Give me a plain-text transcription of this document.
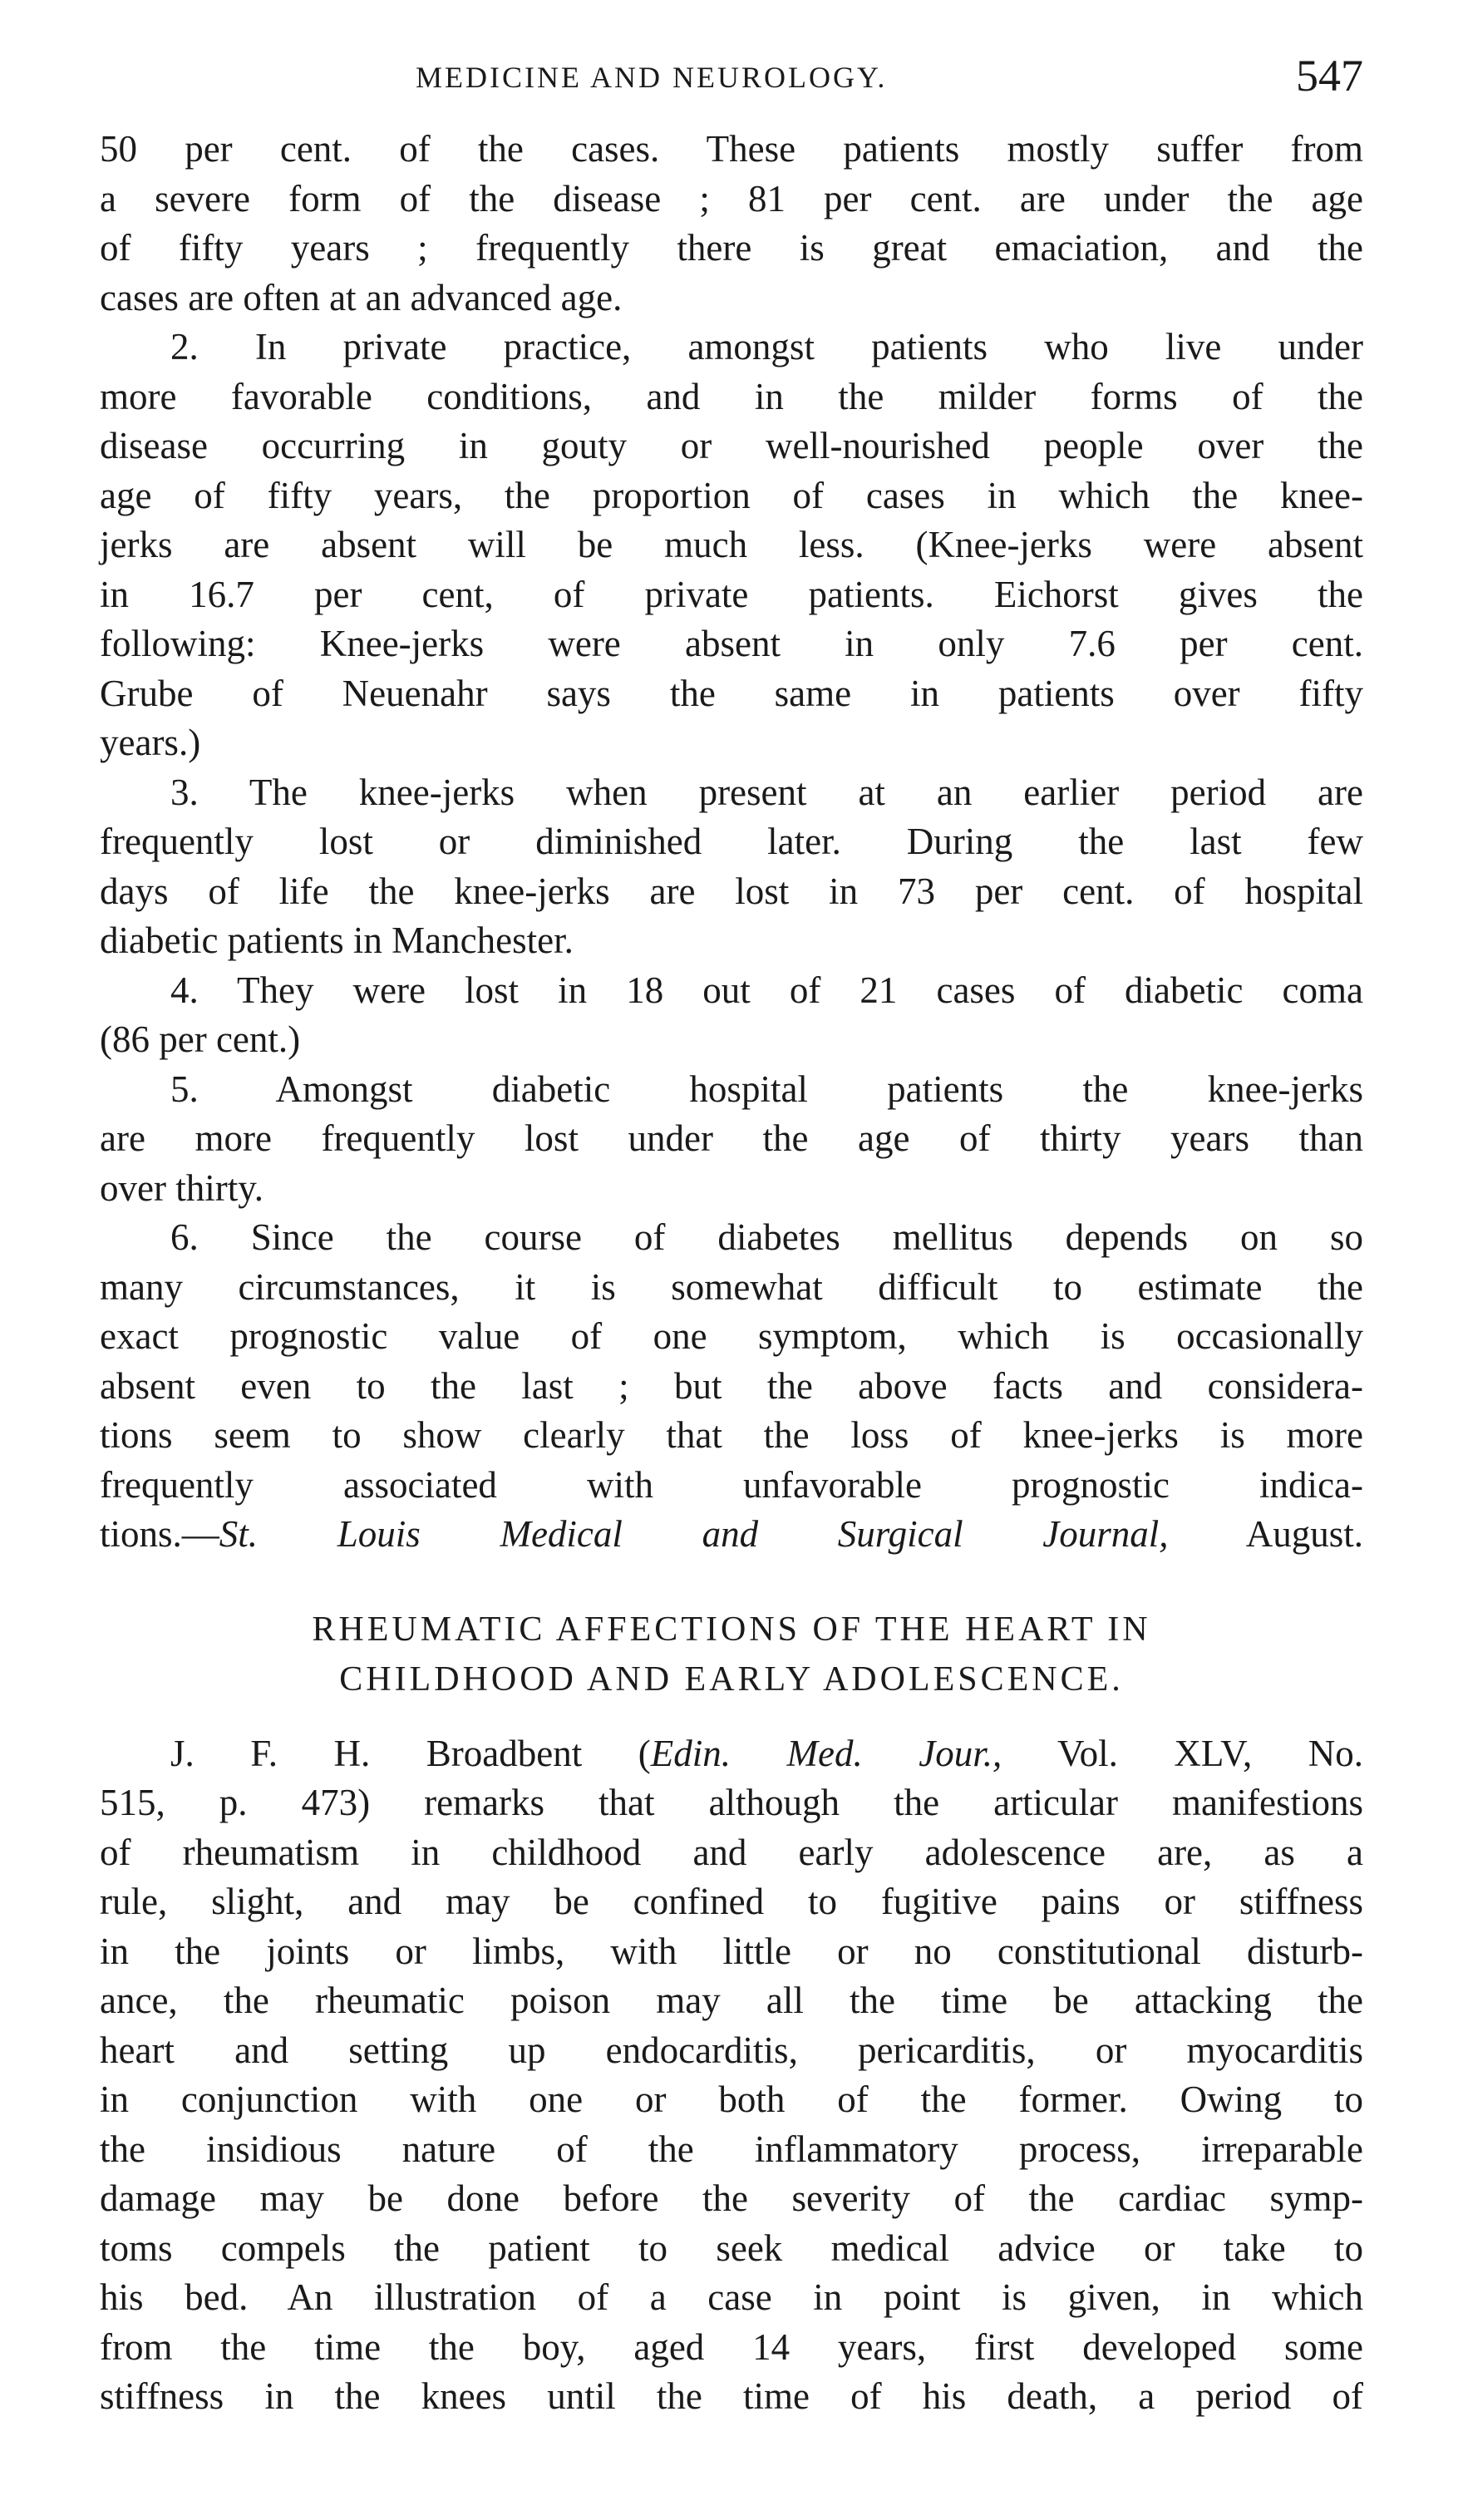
MEDICINE AND NEUROLOGY.	547
50 per cent. of the cases. These patients mostly suffer from
a severe form of the disease ; 81 per cent. are under the age
of fifty years ; frequently there is great emaciation, and the
cases are often at an advanced age.
2. In private practice, amongst patients who live under
more favorable conditions, and in the milder forms of the
disease occurring in gouty or well-nourished people over the
age of fifty years, the proportion of cases in which the knee-
jerks are absent will be much less. (Knee-jerks were absent
in 16.7 per cent, of private patients. Eichorst gives the
following: Knee-jerks were absent in only 7.6 per cent.
Grube of Neuenahr says the same in patients over fifty
years.)
3. The knee-jerks when present at an earlier period are
frequently lost or diminished later. During the last few
days of life the knee-jerks are lost in 73 per cent. of hospital
diabetic patients in Manchester.
4. They were lost in 18 out of 21 cases of diabetic coma
(86 per cent.)
5. Amongst diabetic hospital patients the knee-jerks
are more frequently lost under the age of thirty years than
over thirty.
6. Since the course of diabetes mellitus depends on so
many circumstances, it is somewhat difficult to estimate the
exact prognostic value of one symptom, which is occasionally
absent even to the last ; but the above facts and considera-
tions seem to show clearly that the loss of knee-jerks is more
frequently associated with unfavorable prognostic indica-
tions.—St. Louis Medical and Surgical Journal, August.
RHEUMATIC AFFECTIONS OF THE HEART IN
CHILDHOOD AND EARLY ADOLESCENCE.
J. F. H. Broadbent (Edin. Med. Jour., Vol. XLV, No.
515, p. 473) remarks that although the articular manifestions
of rheumatism in childhood and early adolescence are, as a
rule, slight, and may be confined to fugitive pains or stiffness
in the joints or limbs, with little or no constitutional disturb-
ance, the rheumatic poison may all the time be attacking the
heart and setting up endocarditis, pericarditis, or myocarditis
in conjunction with one or both of the former. Owing to
the insidious nature of the inflammatory process, irreparable
damage may be done before the severity of the cardiac symp-
toms compels the patient to seek medical advice or take to
his bed. An illustration of a case in point is given, in which
from the time the boy, aged 14 years, first developed some
stiffness in the knees until the time of his death, a period of
